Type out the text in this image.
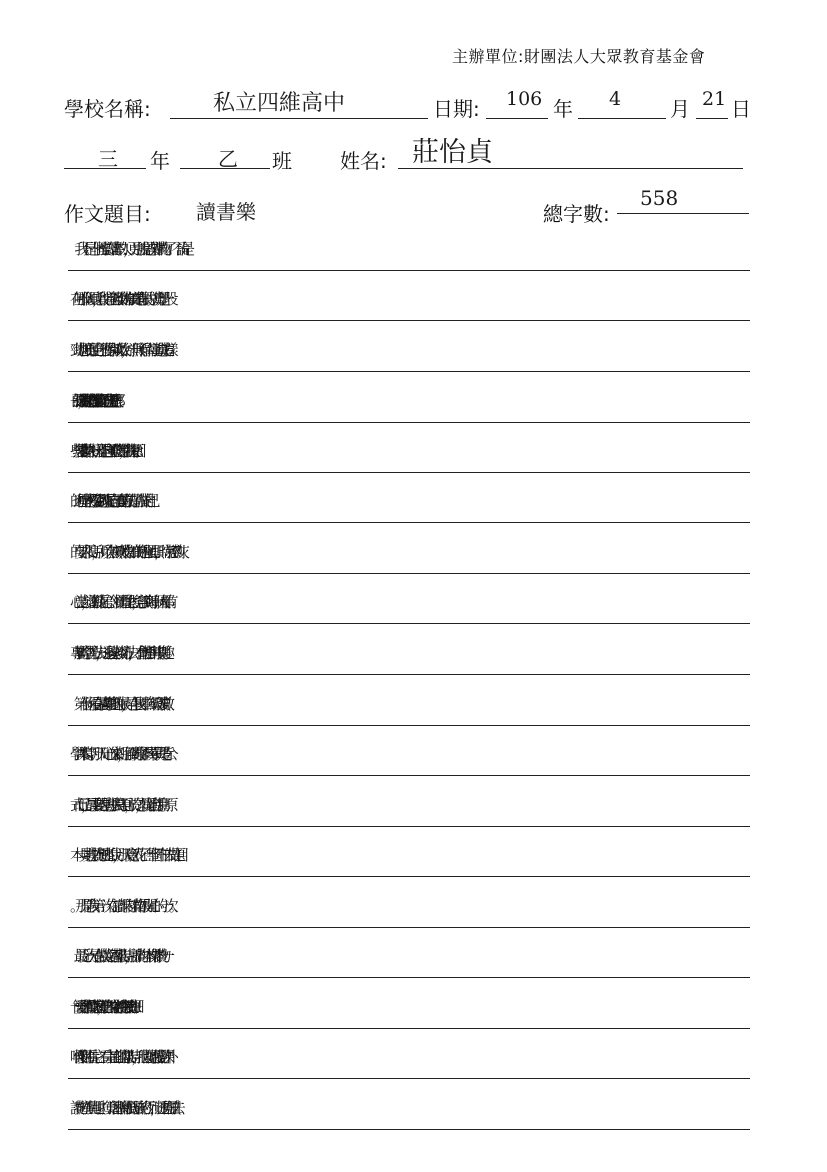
主辦單位:財團法人大眾教育基金會
學校名稱:	私立四維高中	日期: 106 年 4 月 21 日
三 年 乙 班 姓名: 莊怡貞
作文題目: 讀書樂	總字數:
558
　我不是一個擅於讀書的人，更別說是課外讀物了。不論是
在哪一個領域，我能完全吸收到的知識是有限的。就算是一股
勁地想要促使自己獲得有效吸收，卻一無所得。每當造成這樣
子的結果時，我都在思考自己做錯了什麼、是不是自己先天就是跟那
些熱愛讀書的人不一樣、是不是自己並不聰明等等，在我探究原因
的過程中才慢慢發覺到原來是自己讀書的方法錯了。由於對自己
的要求很高，所以在無效吸收知識的過程裡頭，時常感到灰
心喪志，逐漸缺乏信心。領悟道理之後，意識到每一個人都有
專屬的學習方法，透過摸索找到方法，才會體悟到其中樂趣。
　第一個沉浸在讀書樂趣的時候，是在我國中二年級研讀數
學課本當下。那天一心血來潮，了解到數學不該單單只是背公
式而已，最重要的是動手去寫題目，於是，就開始動手寫。原
本一見數學就想逃的我，那天竟然花了一整個下午去做題目
。那是我第一次在讀課內讀物最開心的一次。
　最近一次是在做英文名著報告時，所讀的一本課外讀物一
一簡愛。雖然看似不怎麼樣，但書內的文字卻使我有股衝勁想細
嚼慢咽的看完它。看完其它組的報告時，我也開始慢慢對課外
讀物產生興趣。打算逐漸脫離低頭族的行列，透過閱讀去
